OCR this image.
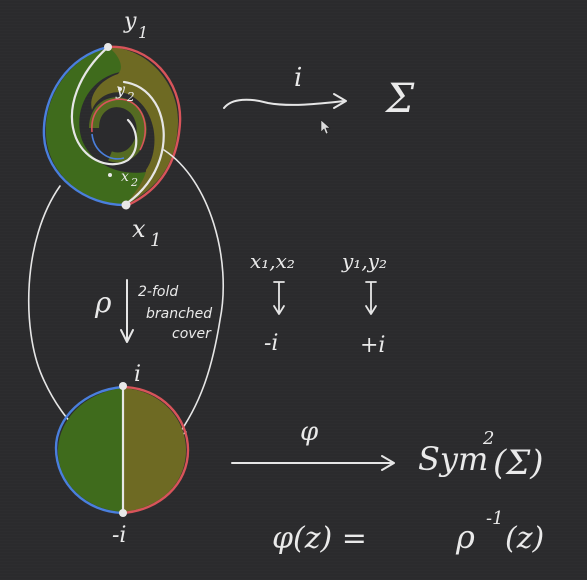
y 1
y 2
x 2
x 1
i Σ
ρ 2-fold
branched
cover
x₁,x₂
-i
y₁,y₂
+i
i
-i
φ
Sym
2
(Σ)
φ(z) =	ρ -1
(z)
